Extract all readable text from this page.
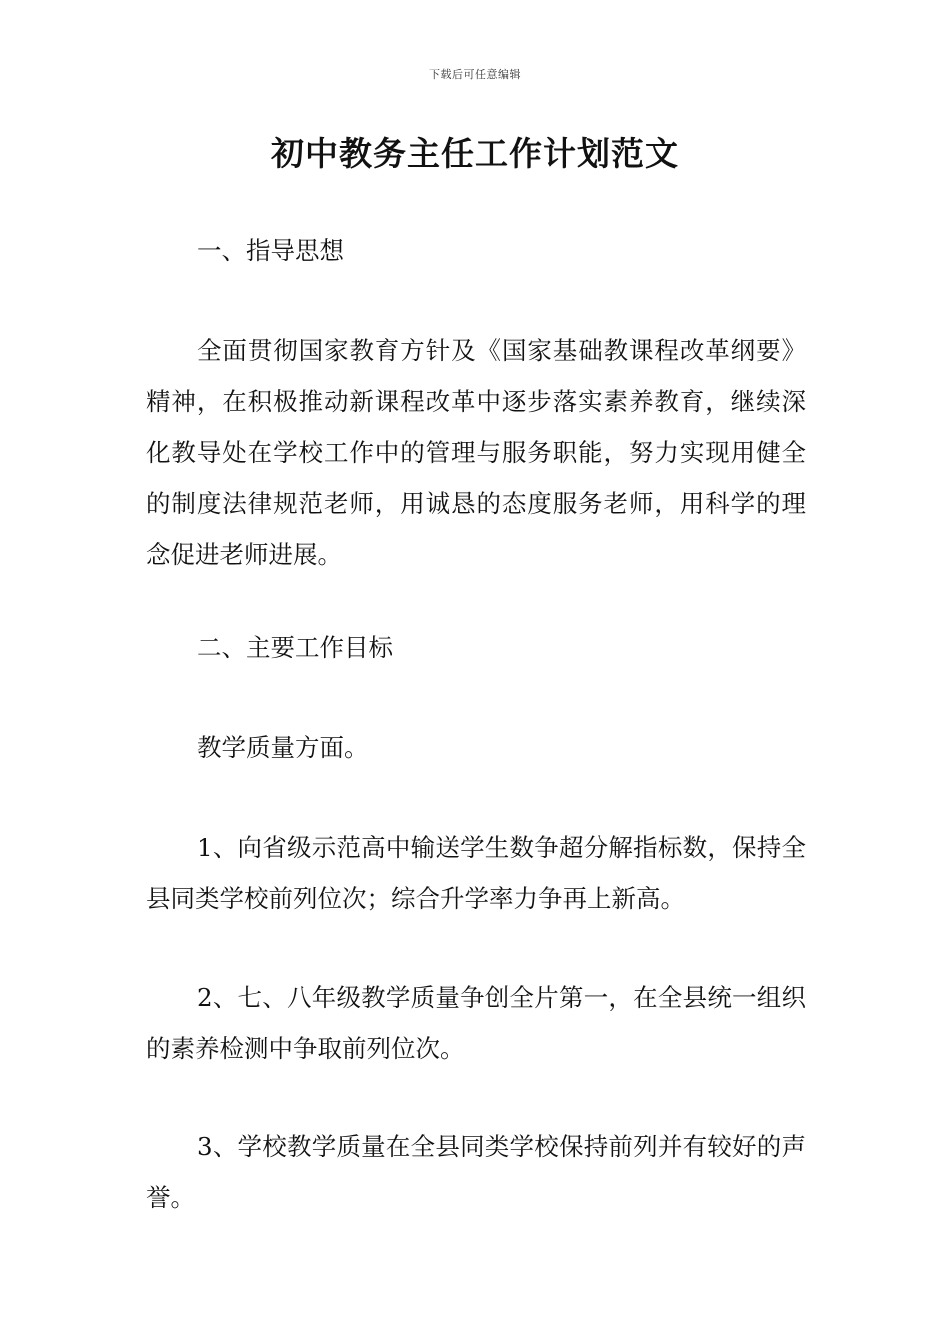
下载后可任意编辑
初中教务主任工作计划范文

一、指导思想

全面贯彻国家教育方针及《国家基础教课程改革纲要》精神，在积极推动新课程改革中逐步落实素养教育，继续深化教导处在学校工作中的管理与服务职能，努力实现用健全的制度法律规范老师，用诚恳的态度服务老师，用科学的理念促进老师进展。

二、主要工作目标

教学质量方面。

1、向省级示范高中输送学生数争超分解指标数，保持全县同类学校前列位次；综合升学率力争再上新高。

2、七、八年级教学质量争创全片第一，在全县统一组织的素养检测中争取前列位次。

3、学校教学质量在全县同类学校保持前列并有较好的声誉。
